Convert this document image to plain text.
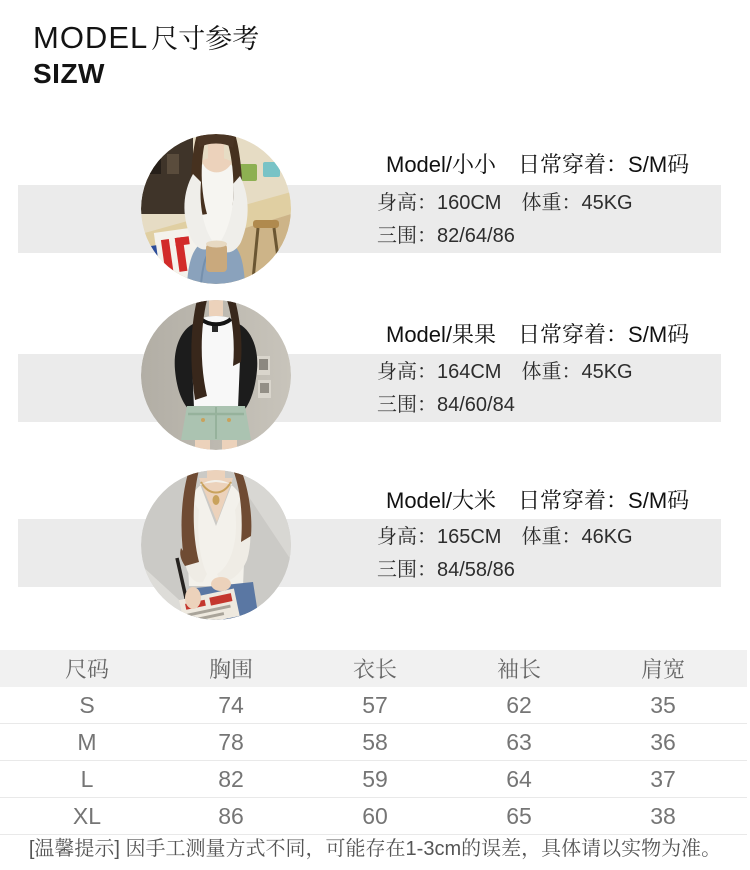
MODEL 尺寸参考
SIZW
Model/小小　日常穿着：S/M码
身高：160CM　体重：45KG
三围：82/64/86
Model/果果　日常穿着：S/M码
身高：164CM　体重：45KG
三围：84/60/84
Model/大米　日常穿着：S/M码
身高：165CM　体重：46KG
三围：84/58/86
尺码	胸围	衣长	袖长	肩宽
S	74	57	62	35
M	78	58	63	36
L	82	59	64	37
XL	86	60	65	38
[温馨提示] 因手工测量方式不同，可能存在1-3cm的误差，具体请以实物为准。
